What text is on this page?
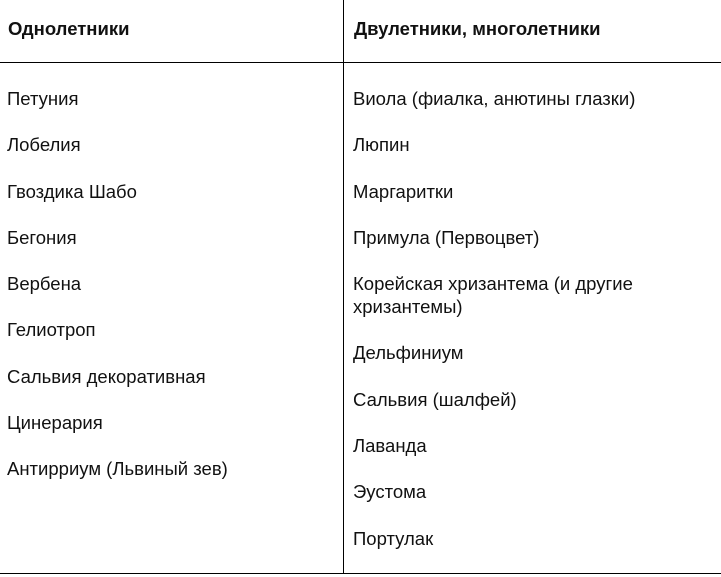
Однолетники	Двулетники, многолетники
Петуния
Лобелия
Гвоздика Шабо
Бегония
Вербена
Гелиотроп
Сальвия декоративная
Цинерария
Антирриум (Львиный зев)
Виола (фиалка, анютины глазки)
Люпин
Маргаритки
Примула (Первоцвет)
Корейская хризантема (и другие хризантемы)
Дельфиниум
Сальвия (шалфей)
Лаванда
Эустома
Портулак
